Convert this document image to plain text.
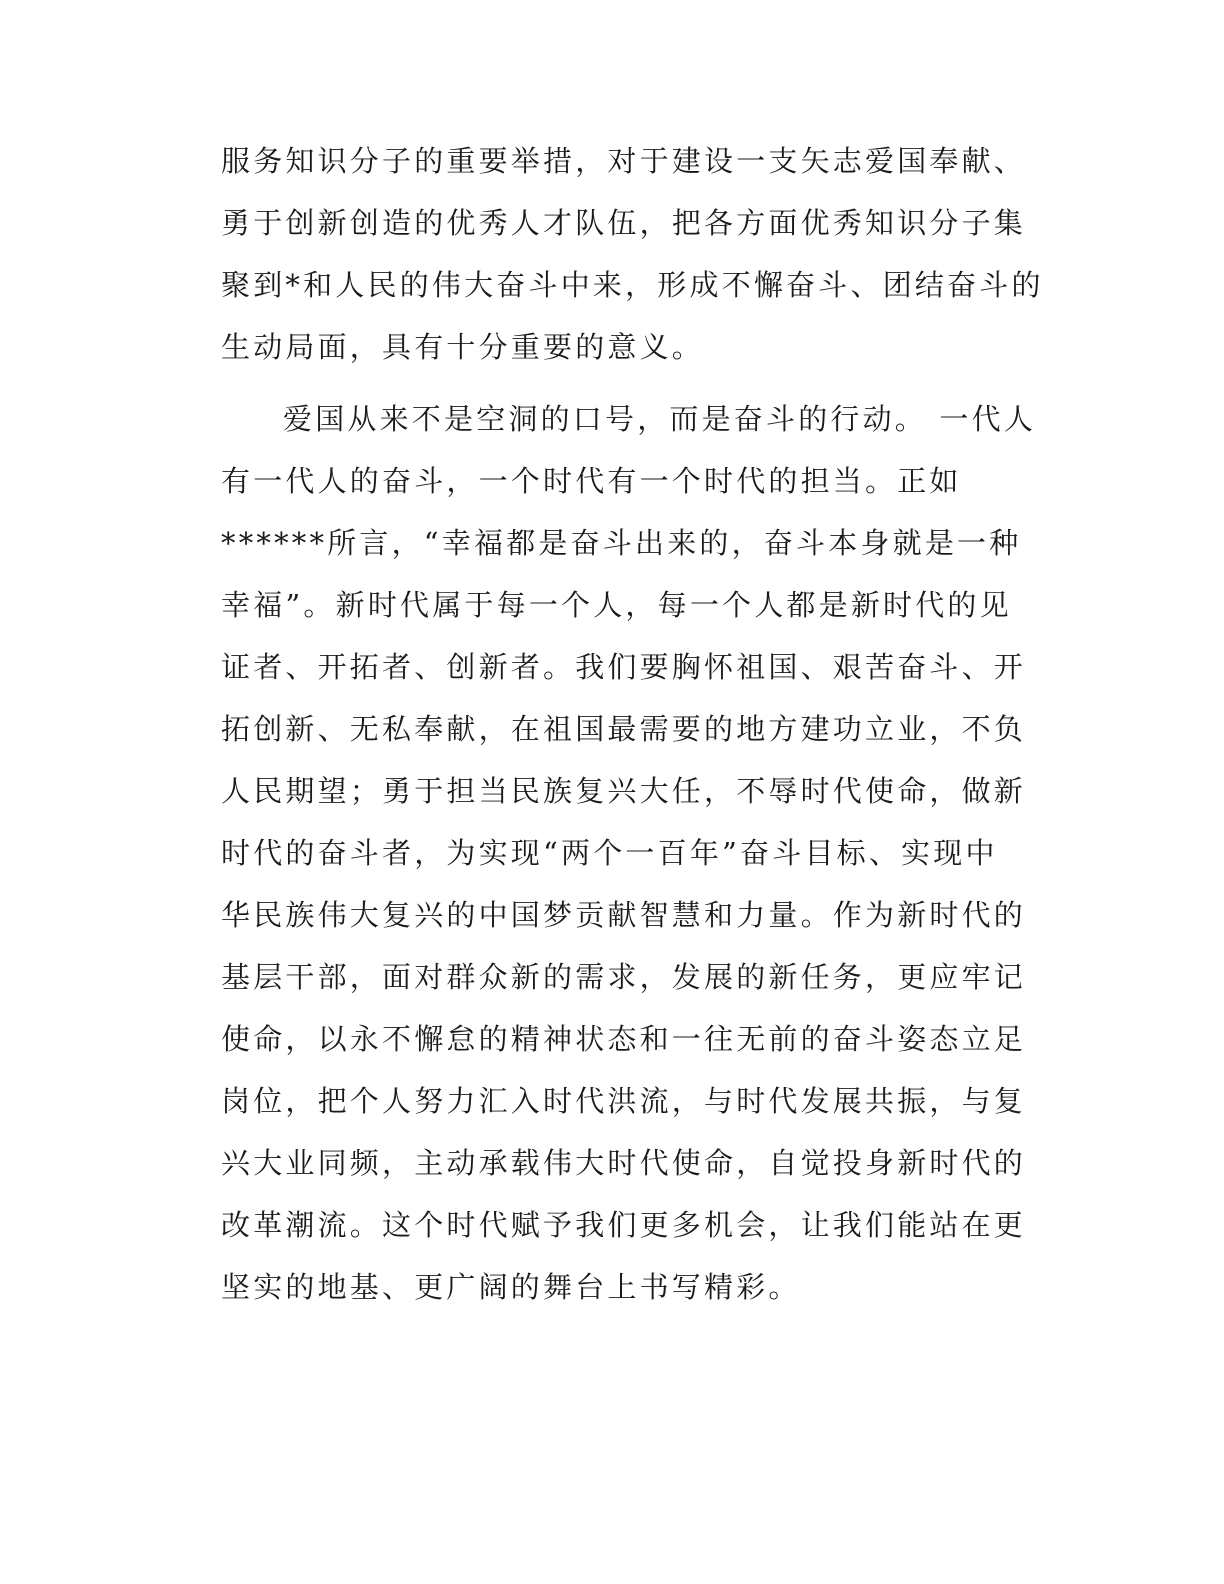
服务知识分子的重要举措，对于建设一支矢志爱国奉献、
勇于创新创造的优秀人才队伍，把各方面优秀知识分子集
聚到*和人民的伟大奋斗中来，形成不懈奋斗、团结奋斗的
生动局面，具有十分重要的意义。
爱国从来不是空洞的口号，而是奋斗的行动。 一代人
有一代人的奋斗，一个时代有一个时代的担当。正如
******所言，“幸福都是奋斗出来的，奋斗本身就是一种
幸福”。新时代属于每一个人，每一个人都是新时代的见
证者、开拓者、创新者。我们要胸怀祖国、艰苦奋斗、开
拓创新、无私奉献，在祖国最需要的地方建功立业，不负
人民期望；勇于担当民族复兴大任，不辱时代使命，做新
时代的奋斗者，为实现“两个一百年”奋斗目标、实现中
华民族伟大复兴的中国梦贡献智慧和力量。作为新时代的
基层干部，面对群众新的需求，发展的新任务，更应牢记
使命，以永不懈怠的精神状态和一往无前的奋斗姿态立足
岗位，把个人努力汇入时代洪流，与时代发展共振，与复
兴大业同频，主动承载伟大时代使命，自觉投身新时代的
改革潮流。这个时代赋予我们更多机会，让我们能站在更
坚实的地基、更广阔的舞台上书写精彩。
